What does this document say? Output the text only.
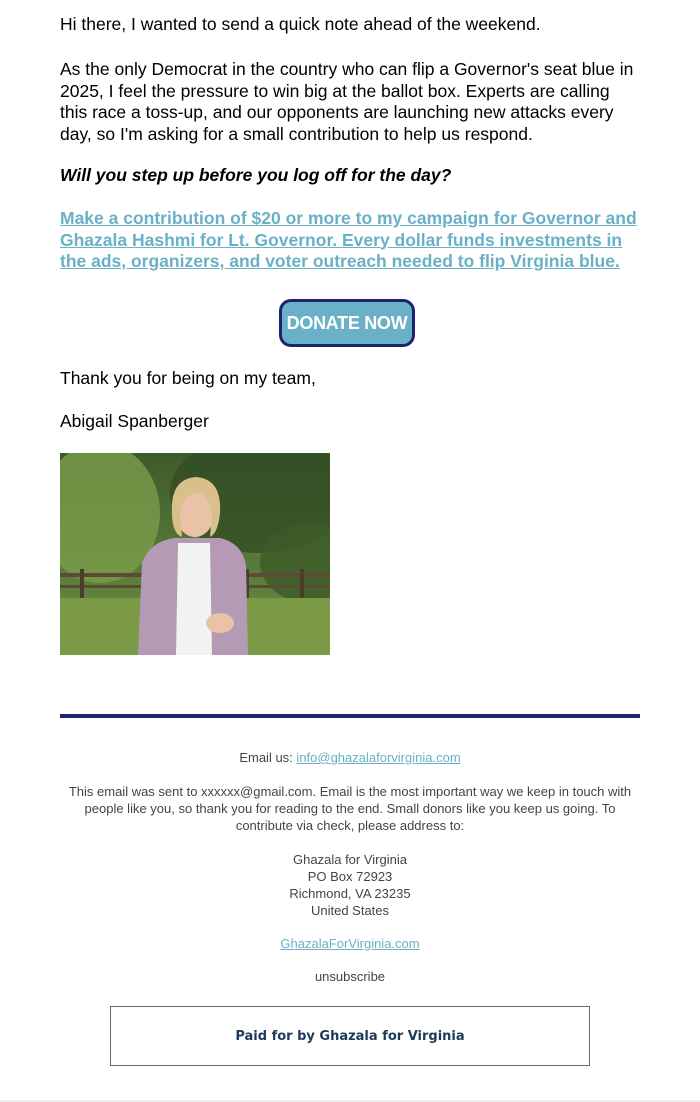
Hi there, I wanted to send a quick note ahead of the weekend.

As the only Democrat in the country who can flip a Governor's seat blue in 2025, I feel the pressure to win big at the ballot box. Experts are calling this race a toss-up, and our opponents are launching new attacks every day, so I'm asking for a small contribution to help us respond.

Will you step up before you log off for the day?

Make a contribution of $20 or more to my campaign for Governor and Ghazala Hashmi for Lt. Governor. Every dollar funds investments in the ads, organizers, and voter outreach needed to flip Virginia blue.

DONATE NOW

Thank you for being on my team,

Abigail Spanberger

Email us: info@ghazalaforvirginia.com

This email was sent to xxxxxx@gmail.com. Email is the most important way we keep in touch with people like you, so thank you for reading to the end. Small donors like you keep us going. To contribute via check, please address to:

Ghazala for Virginia

PO Box 72923

Richmond, VA 23235

United States

GhazalaForVirginia.com

unsubscribe

Paid for by Ghazala for Virginia
